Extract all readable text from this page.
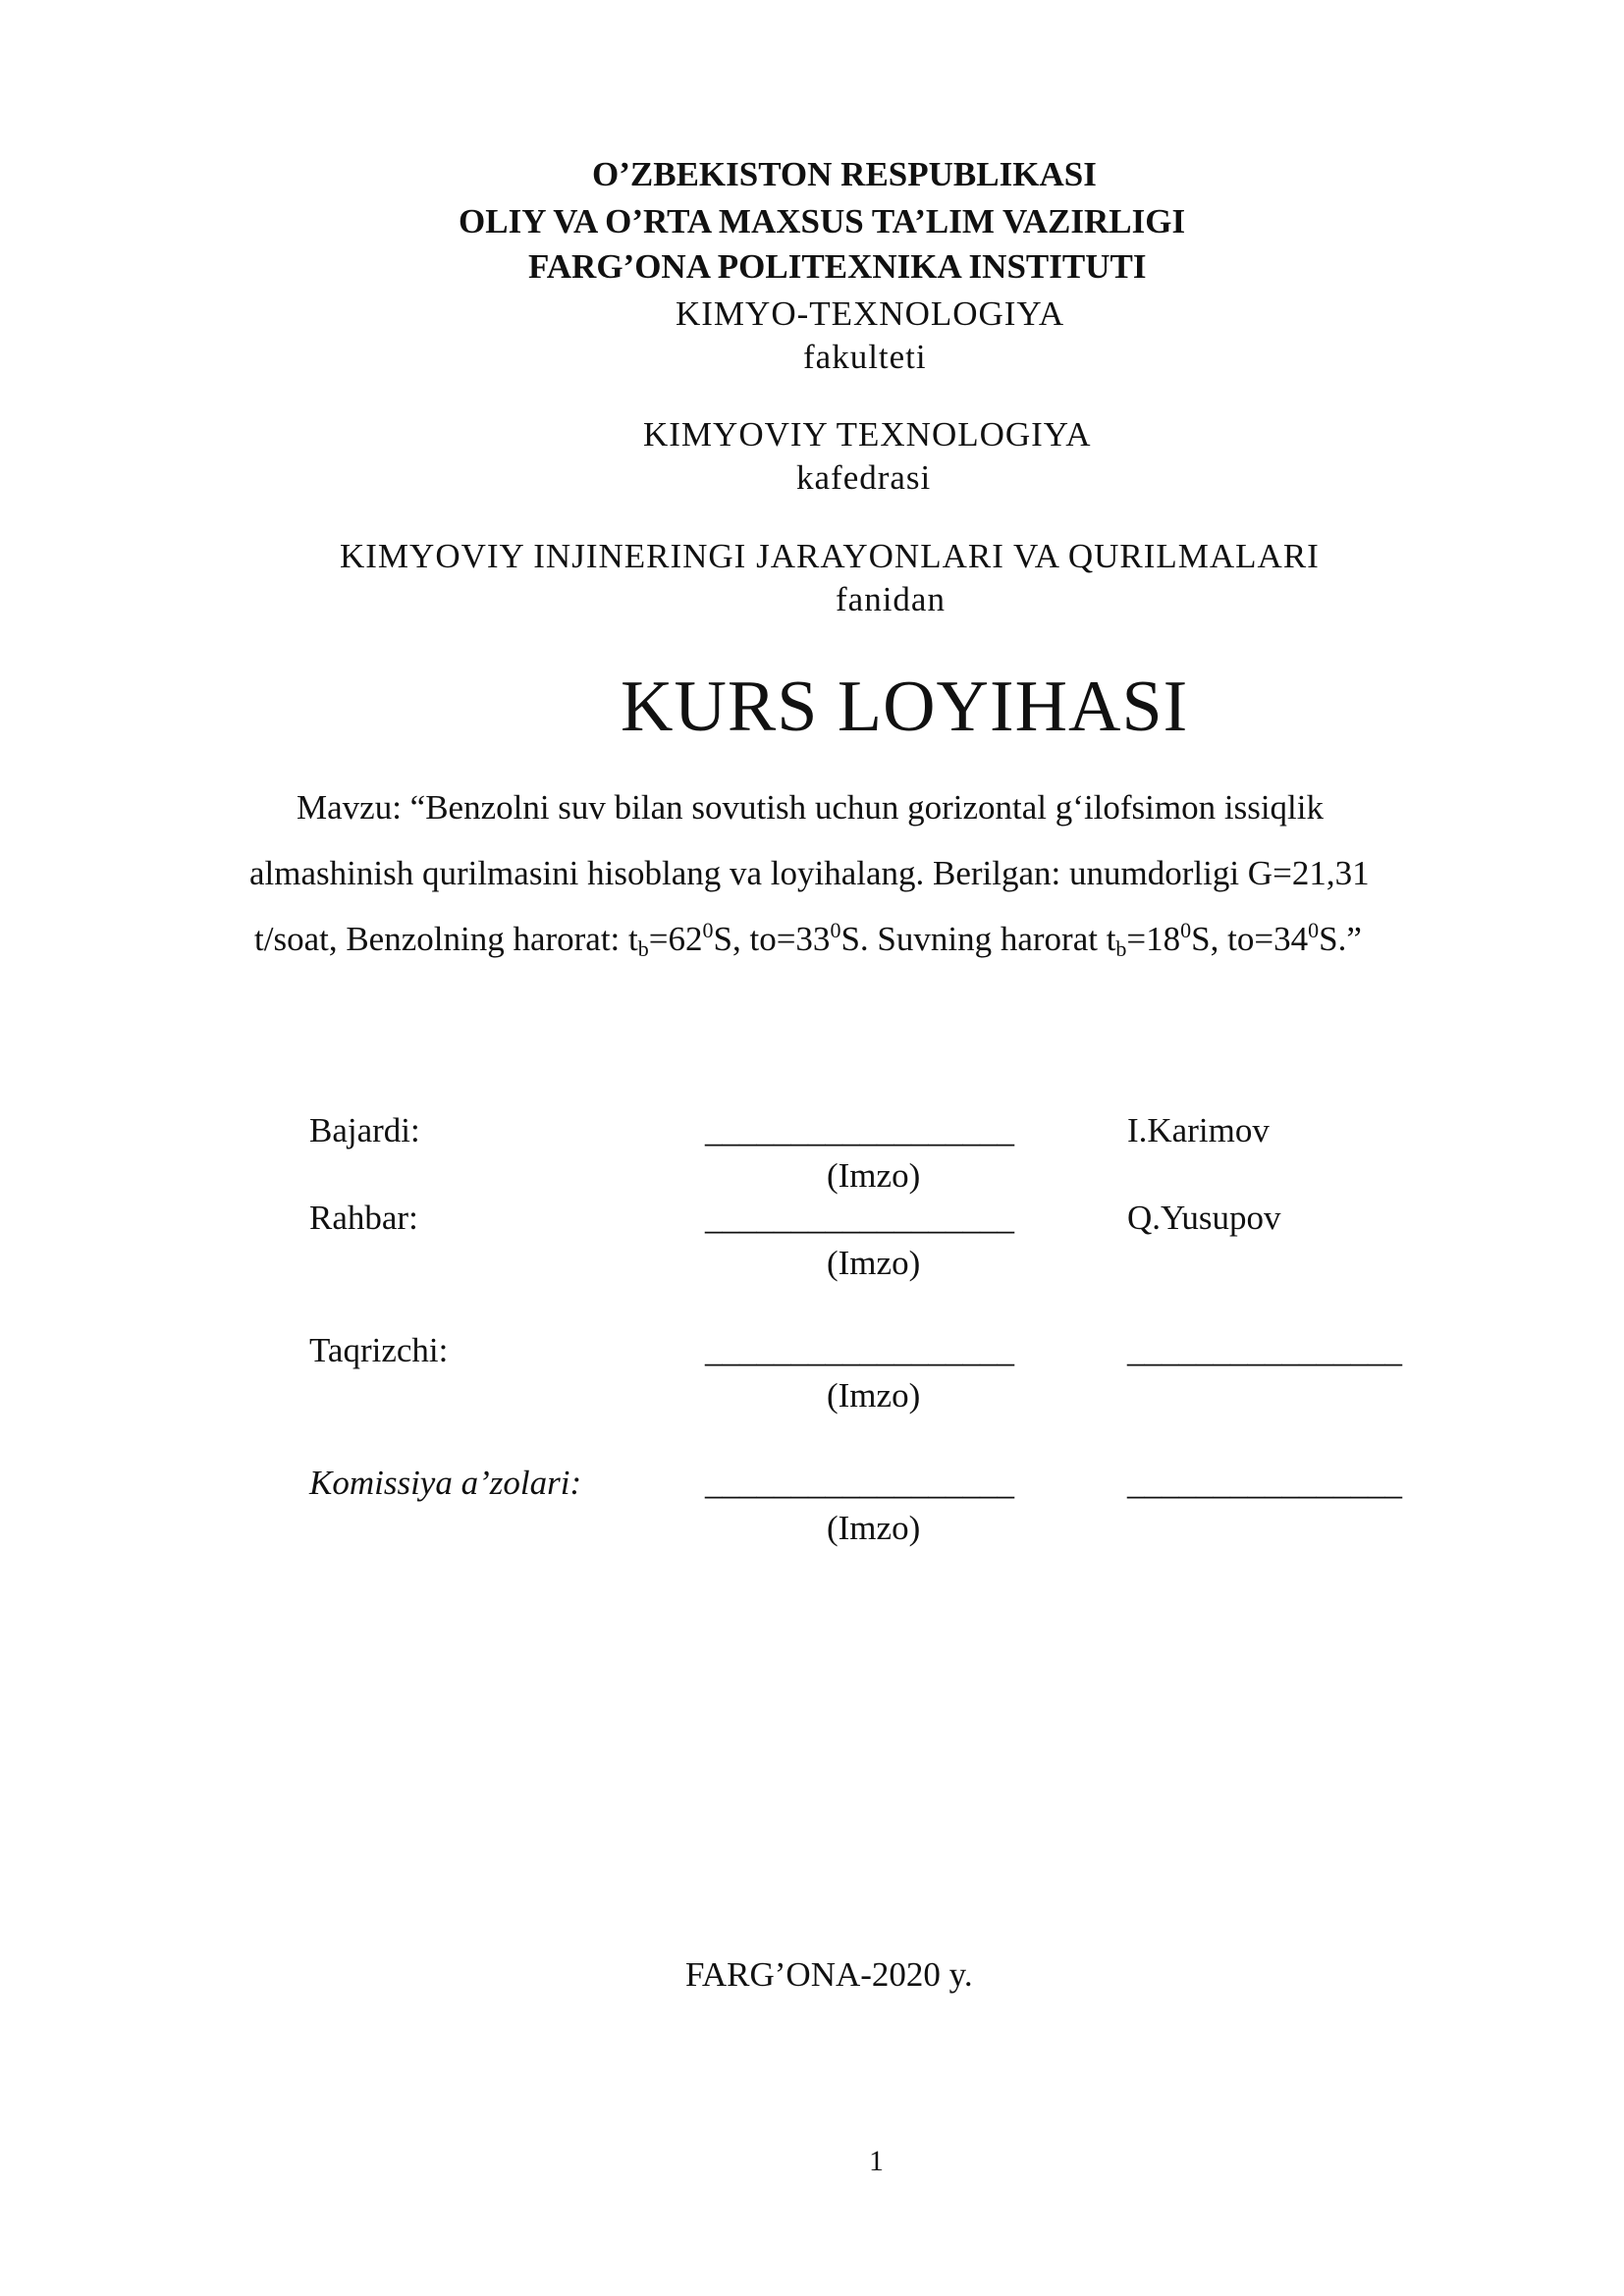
O’ZBEKISTON RESPUBLIKASI
OLIY VA O’RTA MAXSUS TA’LIM VAZIRLIGI
FARG’ONA POLITEXNIKA INSTITUTI
KIMYO-TEXNOLOGIYA
fakulteti
KIMYOVIY TEXNOLOGIYA
kafedrasi
KIMYOVIY INJINERINGI JARAYONLARI VA QURILMALARI
fanidan
KURS LOYIHASI
Mavzu: “Benzolni suv bilan sovutish uchun gorizontal g‘ilofsimon issiqlik
almashinish qurilmasini hisoblang va loyihalang. Berilgan: unumdorligi G=21,31
t/soat, Benzolning harorat: $t_b=62^0S$, $to=33^0S$. Suvning harorat $t_b=18^0S$, $to=34^0S$.”
Bajardi:	__________________	I.Karimov
(Imzo)
Rahbar:	__________________	Q.Yusupov
(Imzo)
Taqrizchi:	__________________	________________
(Imzo)
Komissiya a’zolari:	__________________	________________
(Imzo)
FARG’ONA-2020 y.
1
